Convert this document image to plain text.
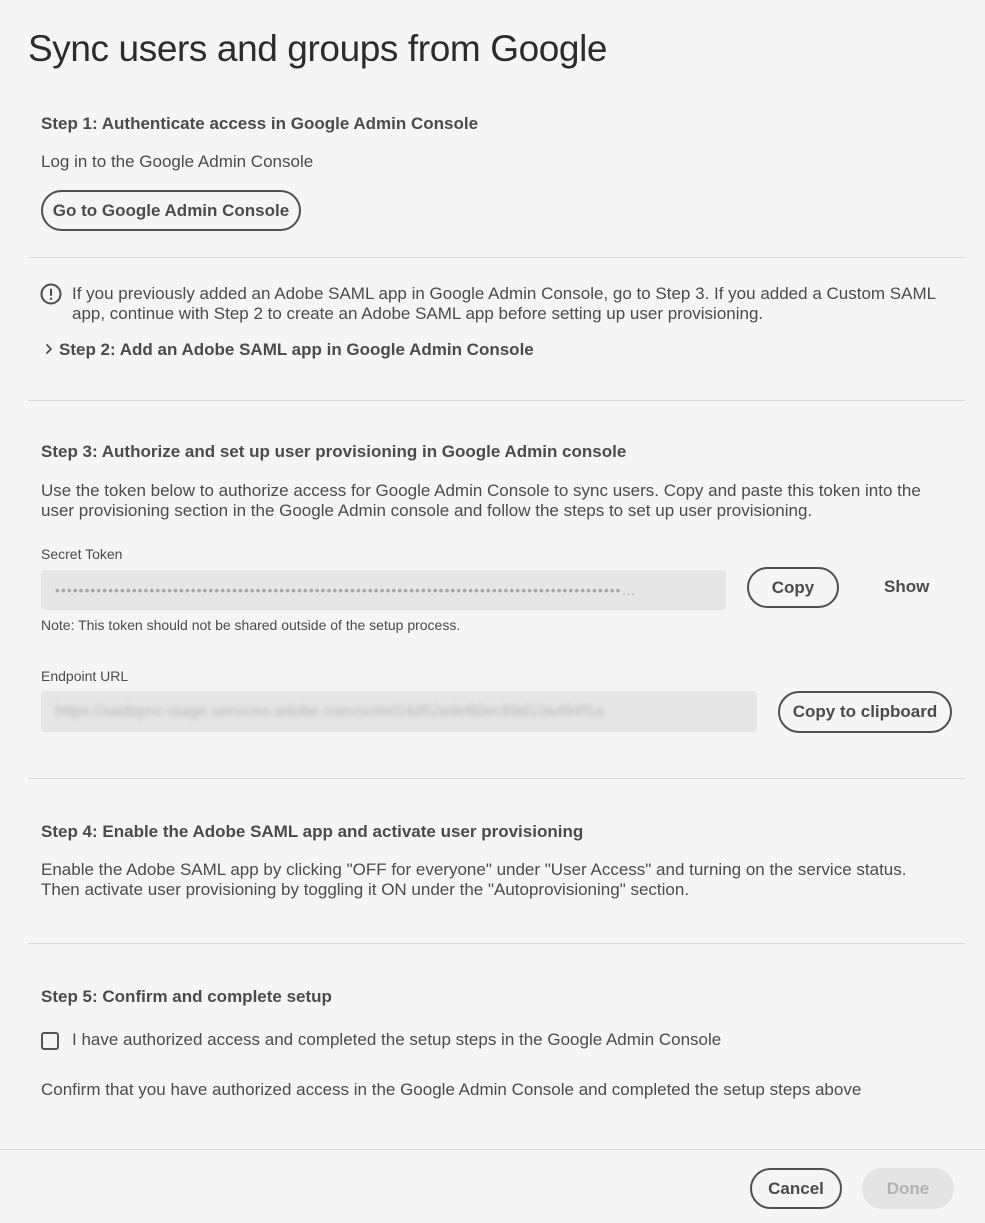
Sync users and groups from Google
Step 1: Authenticate access in Google Admin Console
Log in to the Google Admin Console
Go to Google Admin Console
If you previously added an Adobe SAML app in Google Admin Console, go to Step 3. If you added a Custom SAML app, continue with Step 2 to create an Adobe SAML app before setting up user provisioning.
Step 2: Add an Adobe SAML app in Google Admin Console
Step 3: Authorize and set up user provisioning in Google Admin console
Use the token below to authorize access for Google Admin Console to sync users. Copy and paste this token into the user provisioning section in the Google Admin console and follow the steps to set up user provisioning.
Secret Token
••••••••••••••••••••••••••••••••••••••••••••••••••••••••••••••••••••••••••••••••••••••••••••••••…	Copy	Show
Note: This token should not be shared outside of the setup process.
Endpoint URL
https://aadsync-stage.services.adobe.com/scim/24d52ede60ec89d10a494f1a	Copy to clipboard
Step 4: Enable the Adobe SAML app and activate user provisioning
Enable the Adobe SAML app by clicking "OFF for everyone" under "User Access" and turning on the service status. Then activate user provisioning by toggling it ON under the "Autoprovisioning" section.
Step 5: Confirm and complete setup
I have authorized access and completed the setup steps in the Google Admin Console
Confirm that you have authorized access in the Google Admin Console and completed the setup steps above
Cancel	Done
